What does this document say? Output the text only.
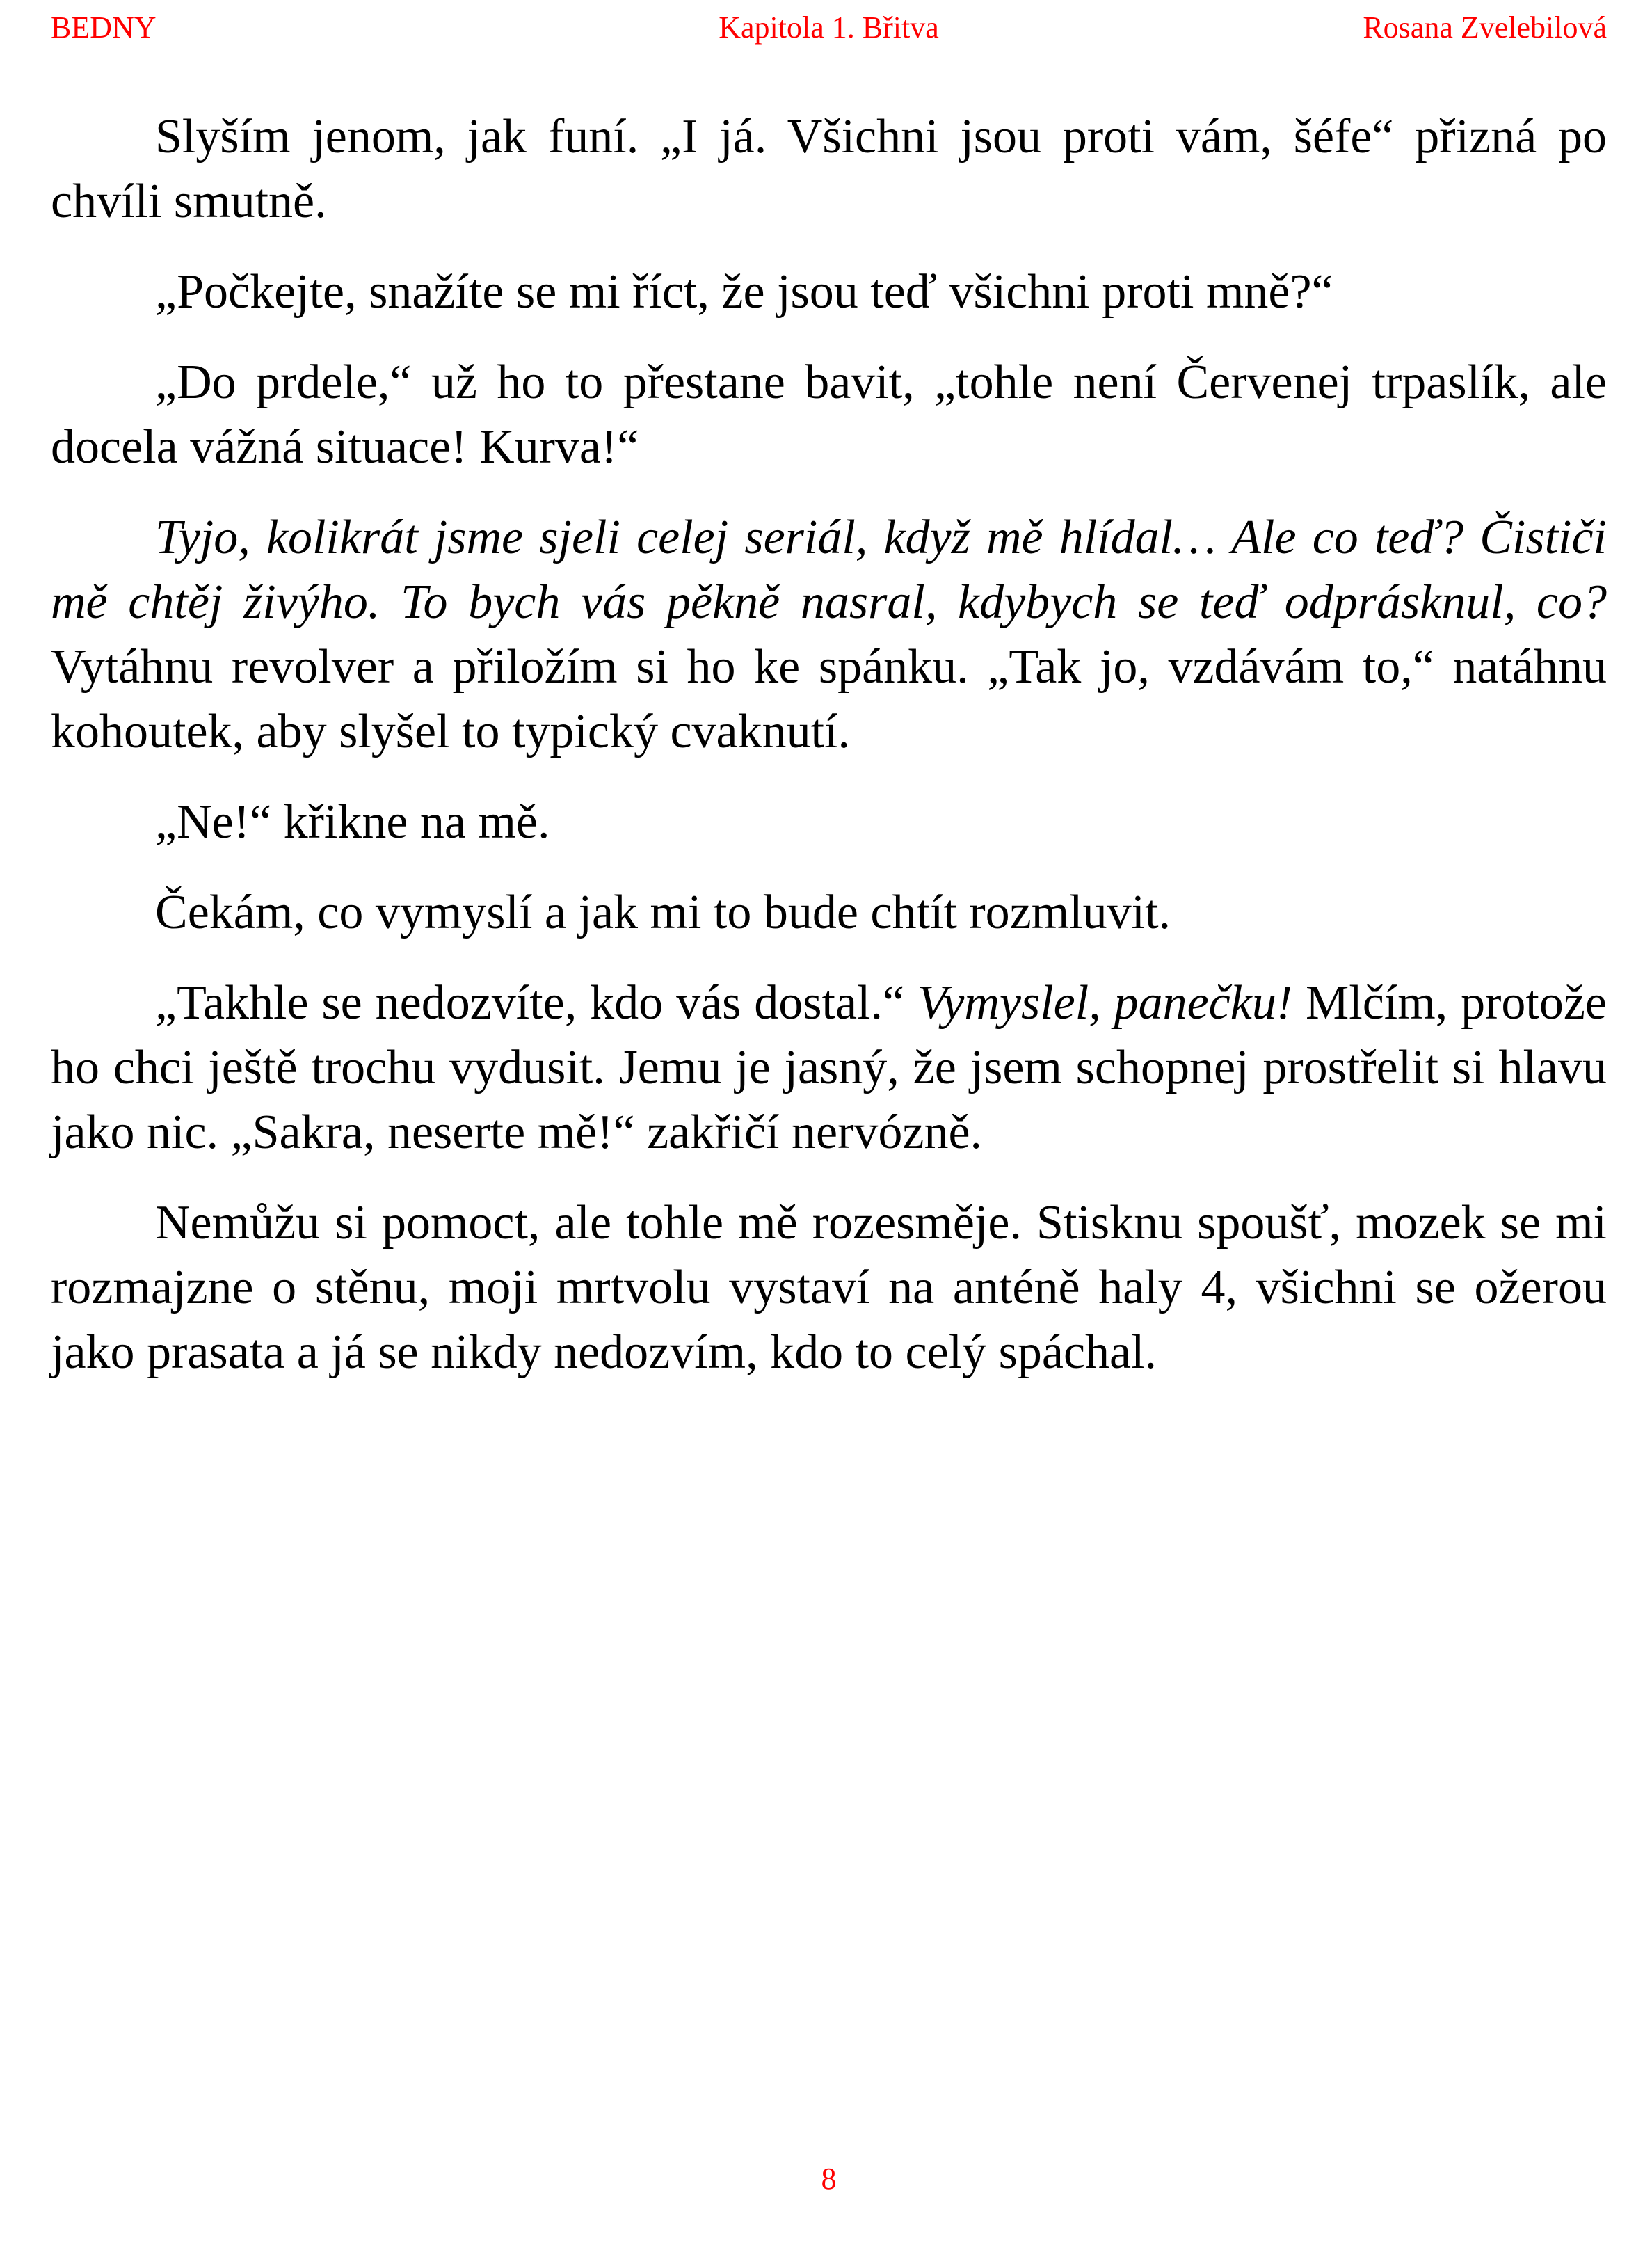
BEDNY	Kapitola 1. Břitva	Rosana Zvelebilová

Slyším jenom, jak funí. „I já. Všichni jsou proti vám, šéfe“ přizná po chvíli smutně.

„Počkejte, snažíte se mi říct, že jsou teď všichni proti mně?“

„Do prdele,“ už ho to přestane bavit, „tohle není Červenej trpaslík, ale docela vážná situace! Kurva!“

Tyjo, kolikrát jsme sjeli celej seriál, když mě hlídal… Ale co teď? Čističi mě chtěj živýho. To bych vás pěkně nasral, kdybych se teď odprásknul, co? Vytáhnu revolver a přiložím si ho ke spánku. „Tak jo, vzdávám to,“ natáhnu kohoutek, aby slyšel to typický cvaknutí.

„Ne!“ křikne na mě.

Čekám, co vymyslí a jak mi to bude chtít rozmluvit.

„Takhle se nedozvíte, kdo vás dostal.“ Vymyslel, panečku! Mlčím, protože ho chci ještě trochu vydusit. Jemu je jasný, že jsem schopnej prostřelit si hlavu jako nic. „Sakra, neserte mě!“ zakřičí nervózně.

Nemůžu si pomoct, ale tohle mě rozesměje. Stisknu spoušť, mozek se mi rozmajzne o stěnu, moji mrtvolu vystaví na anténě haly 4, všichni se ožerou jako prasata a já se nikdy nedozvím, kdo to celý spáchal.

8
